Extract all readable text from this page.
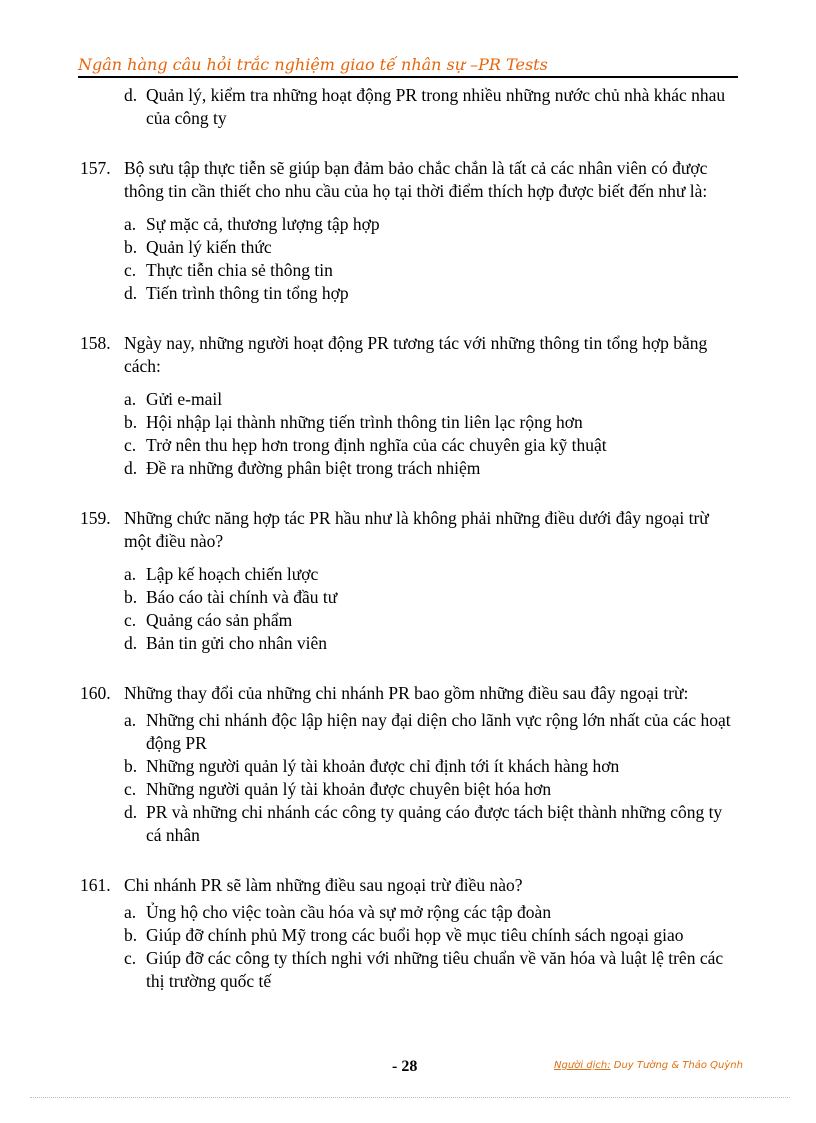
Ngân hàng câu hỏi trắc nghiệm giao tế nhân sự –PR Tests
d. Quản lý, kiểm tra những hoạt động PR trong nhiều những nước chủ nhà khác nhau của công ty
157. Bộ sưu tập thực tiễn sẽ giúp bạn đảm bảo chắc chắn là tất cả các nhân viên có được thông tin cần thiết cho nhu cầu của họ tại thời điểm thích hợp được biết đến như là:
a. Sự mặc cả, thương lượng tập hợp
b. Quản lý kiến thức
c. Thực tiễn chia sẻ thông tin
d. Tiến trình thông tin tổng hợp
158. Ngày nay, những người hoạt động PR tương tác với những thông tin tổng hợp bằng cách:
a. Gửi e-mail
b. Hội nhập lại thành những tiến trình thông tin liên lạc rộng hơn
c. Trở nên thu hẹp hơn trong định nghĩa của các chuyên gia kỹ thuật
d. Đề ra những đường phân biệt trong trách nhiệm
159. Những chức năng hợp tác PR hầu như là không phải những điều dưới đây ngoại trừ một điều nào?
a. Lập kế hoạch chiến lược
b. Báo cáo tài chính và đầu tư
c. Quảng cáo sản phẩm
d. Bản tin gửi cho nhân viên
160. Những thay đổi của những chi nhánh PR bao gồm những điều sau đây ngoại trừ:
a. Những chi nhánh độc lập hiện nay đại diện cho lãnh vực rộng lớn nhất của các hoạt động PR
b. Những người quản lý tài khoản được chỉ định tới ít khách hàng hơn
c. Những người quản lý tài khoản được chuyên biệt hóa hơn
d. PR và những chi nhánh các công ty quảng cáo được tách biệt thành những công ty cá nhân
161. Chi nhánh PR sẽ làm những điều sau ngoại trừ điều nào?
a. Ủng hộ cho việc toàn cầu hóa và sự mở rộng các tập đoàn
b. Giúp đỡ chính phủ Mỹ trong các buổi họp về mục tiêu chính sách ngoại giao
c. Giúp đỡ các công ty thích nghi với những tiêu chuẩn về văn hóa và luật lệ trên các thị trường quốc tế
- 28	Người dịch: Duy Tường & Thảo Quỳnh
